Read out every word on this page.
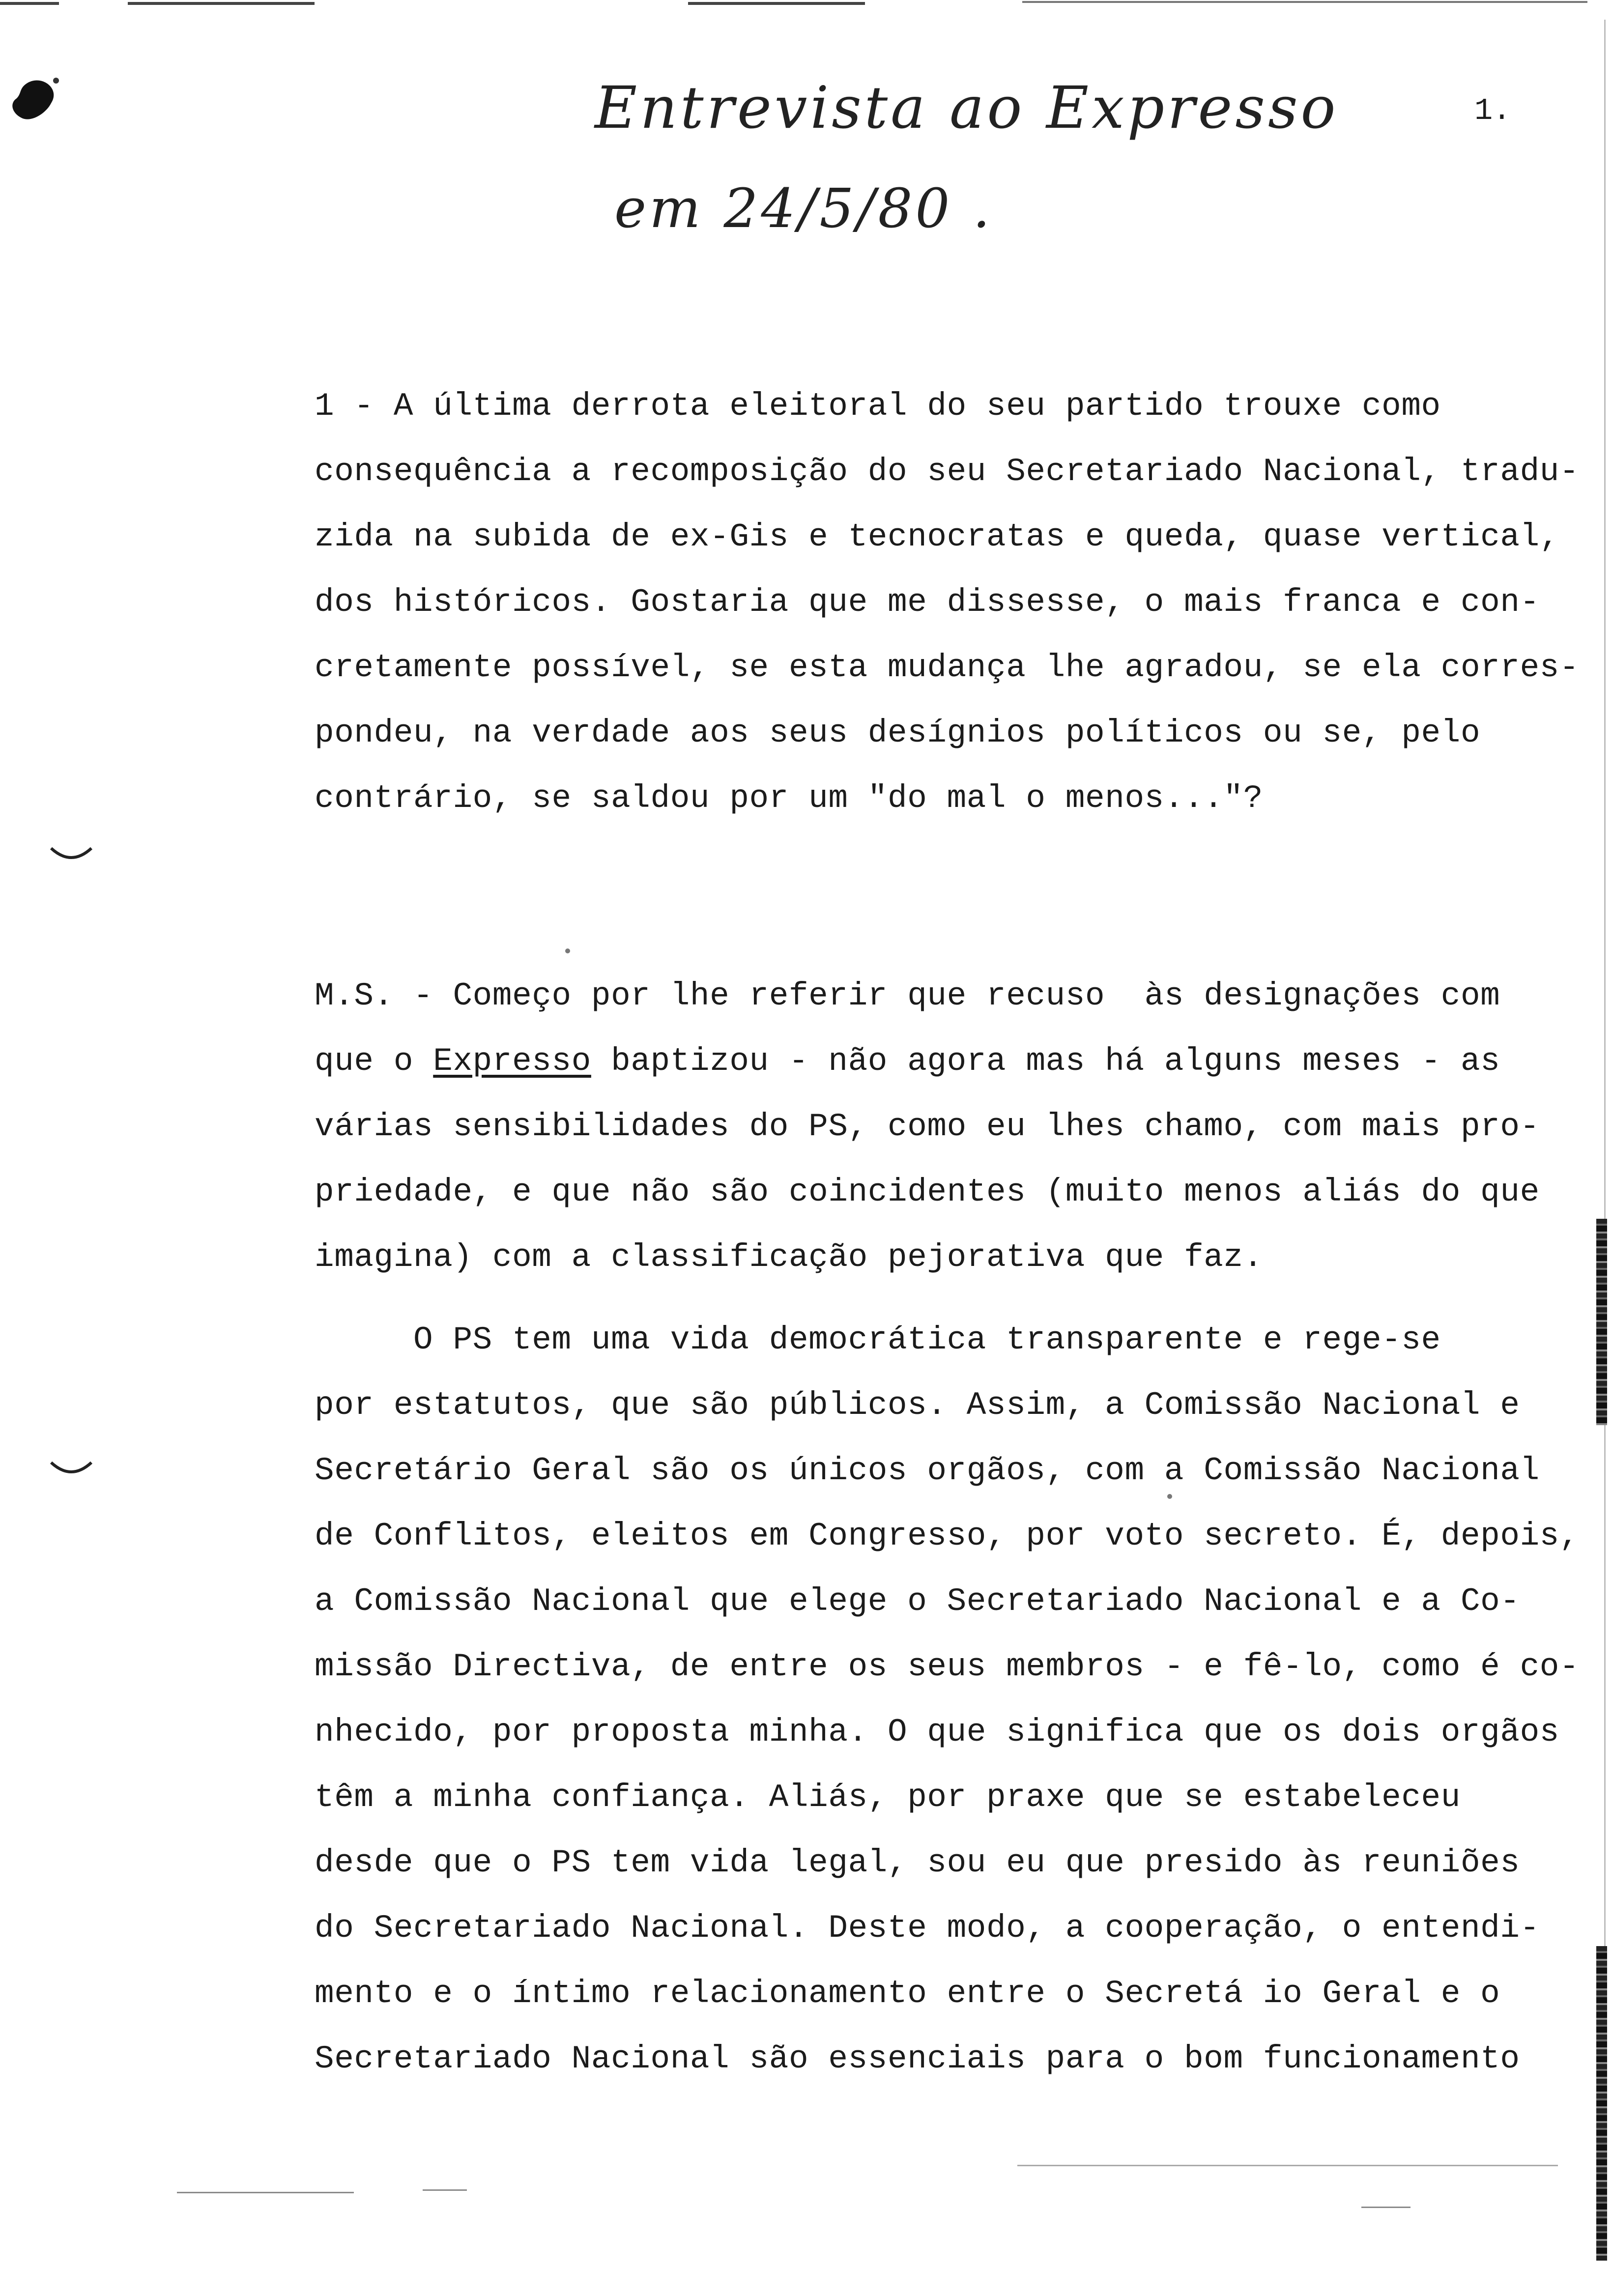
Entrevista ao Expresso
em 24/5/80 .
1.
1 - A última derrota eleitoral do seu partido trouxe como
consequência a recomposição do seu Secretariado Nacional, tradu-
zida na subida de ex-Gis e tecnocratas e queda, quase vertical,
dos históricos. Gostaria que me dissesse, o mais franca e con-
cretamente possível, se esta mudança lhe agradou, se ela corres-
pondeu, na verdade aos seus desígnios políticos ou se, pelo
contrário, se saldou por um "do mal o menos..."?
M.S. - Começo por lhe referir que recuso  às designações com
que o Expresso baptizou - não agora mas há alguns meses - as
várias sensibilidades do PS, como eu lhes chamo, com mais pro-
priedade, e que não são coincidentes (muito menos aliás do que
imagina) com a classificação pejorativa que faz.
O PS tem uma vida democrática transparente e rege-se
por estatutos, que são públicos. Assim, a Comissão Nacional e
Secretário Geral são os únicos orgãos, com a Comissão Nacional
de Conflitos, eleitos em Congresso, por voto secreto. É, depois,
a Comissão Nacional que elege o Secretariado Nacional e a Co-
missão Directiva, de entre os seus membros - e fê-lo, como é co-
nhecido, por proposta minha. O que significa que os dois orgãos
têm a minha confiança. Aliás, por praxe que se estabeleceu
desde que o PS tem vida legal, sou eu que presido às reuniões
do Secretariado Nacional. Deste modo, a cooperação, o entendi-
mento e o íntimo relacionamento entre o Secretá io Geral e o
Secretariado Nacional são essenciais para o bom funcionamento
